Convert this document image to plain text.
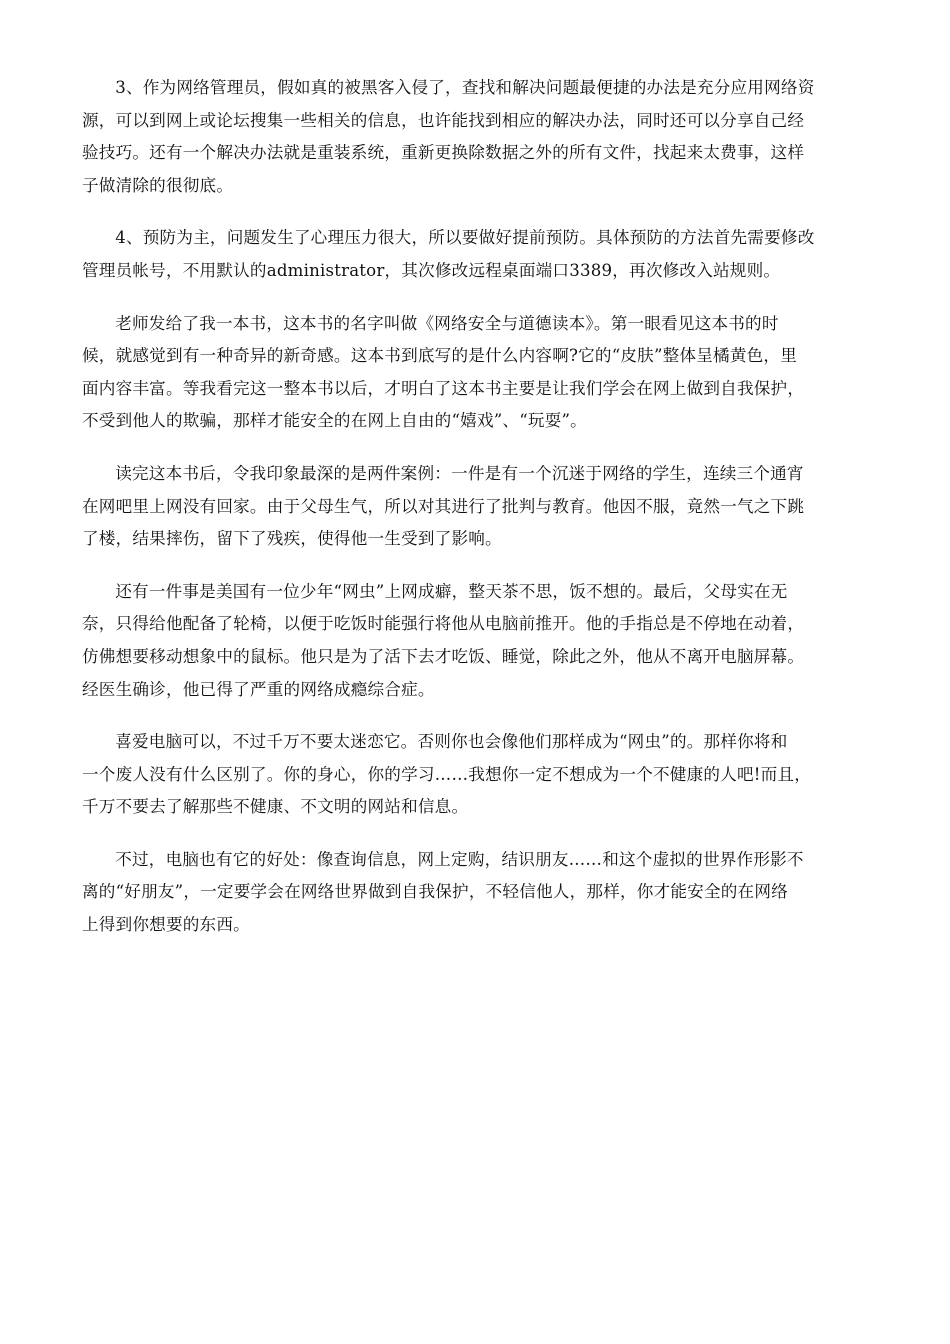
3、作为网络管理员，假如真的被黑客入侵了，查找和解决问题最便捷的办法是充分应用网络资
源，可以到网上或论坛搜集一些相关的信息，也许能找到相应的解决办法，同时还可以分享自己经
验技巧。还有一个解决办法就是重装系统，重新更换除数据之外的所有文件，找起来太费事，这样
子做清除的很彻底。
4、预防为主，问题发生了心理压力很大，所以要做好提前预防。具体预防的方法首先需要修改
管理员帐号，不用默认的administrator，其次修改远程桌面端口3389，再次修改入站规则。
老师发给了我一本书，这本书的名字叫做《网络安全与道德读本》。第一眼看见这本书的时
候，就感觉到有一种奇异的新奇感。这本书到底写的是什么内容啊?它的“皮肤”整体呈橘黄色，里
面内容丰富。等我看完这一整本书以后，才明白了这本书主要是让我们学会在网上做到自我保护，
不受到他人的欺骗，那样才能安全的在网上自由的“嬉戏”、“玩耍”。
读完这本书后，令我印象最深的是两件案例：一件是有一个沉迷于网络的学生，连续三个通宵
在网吧里上网没有回家。由于父母生气，所以对其进行了批判与教育。他因不服，竟然一气之下跳
了楼，结果摔伤，留下了残疾，使得他一生受到了影响。
还有一件事是美国有一位少年“网虫”上网成癖，整天茶不思，饭不想的。最后，父母实在无
奈，只得给他配备了轮椅，以便于吃饭时能强行将他从电脑前推开。他的手指总是不停地在动着，
仿佛想要移动想象中的鼠标。他只是为了活下去才吃饭、睡觉，除此之外，他从不离开电脑屏幕。
经医生确诊，他已得了严重的网络成瘾综合症。
喜爱电脑可以，不过千万不要太迷恋它。否则你也会像他们那样成为“网虫”的。那样你将和
一个废人没有什么区别了。你的身心，你的学习……我想你一定不想成为一个不健康的人吧!而且，
千万不要去了解那些不健康、不文明的网站和信息。
不过，电脑也有它的好处：像查询信息，网上定购，结识朋友……和这个虚拟的世界作形影不
离的“好朋友”，一定要学会在网络世界做到自我保护，不轻信他人，那样，你才能安全的在网络
上得到你想要的东西。
